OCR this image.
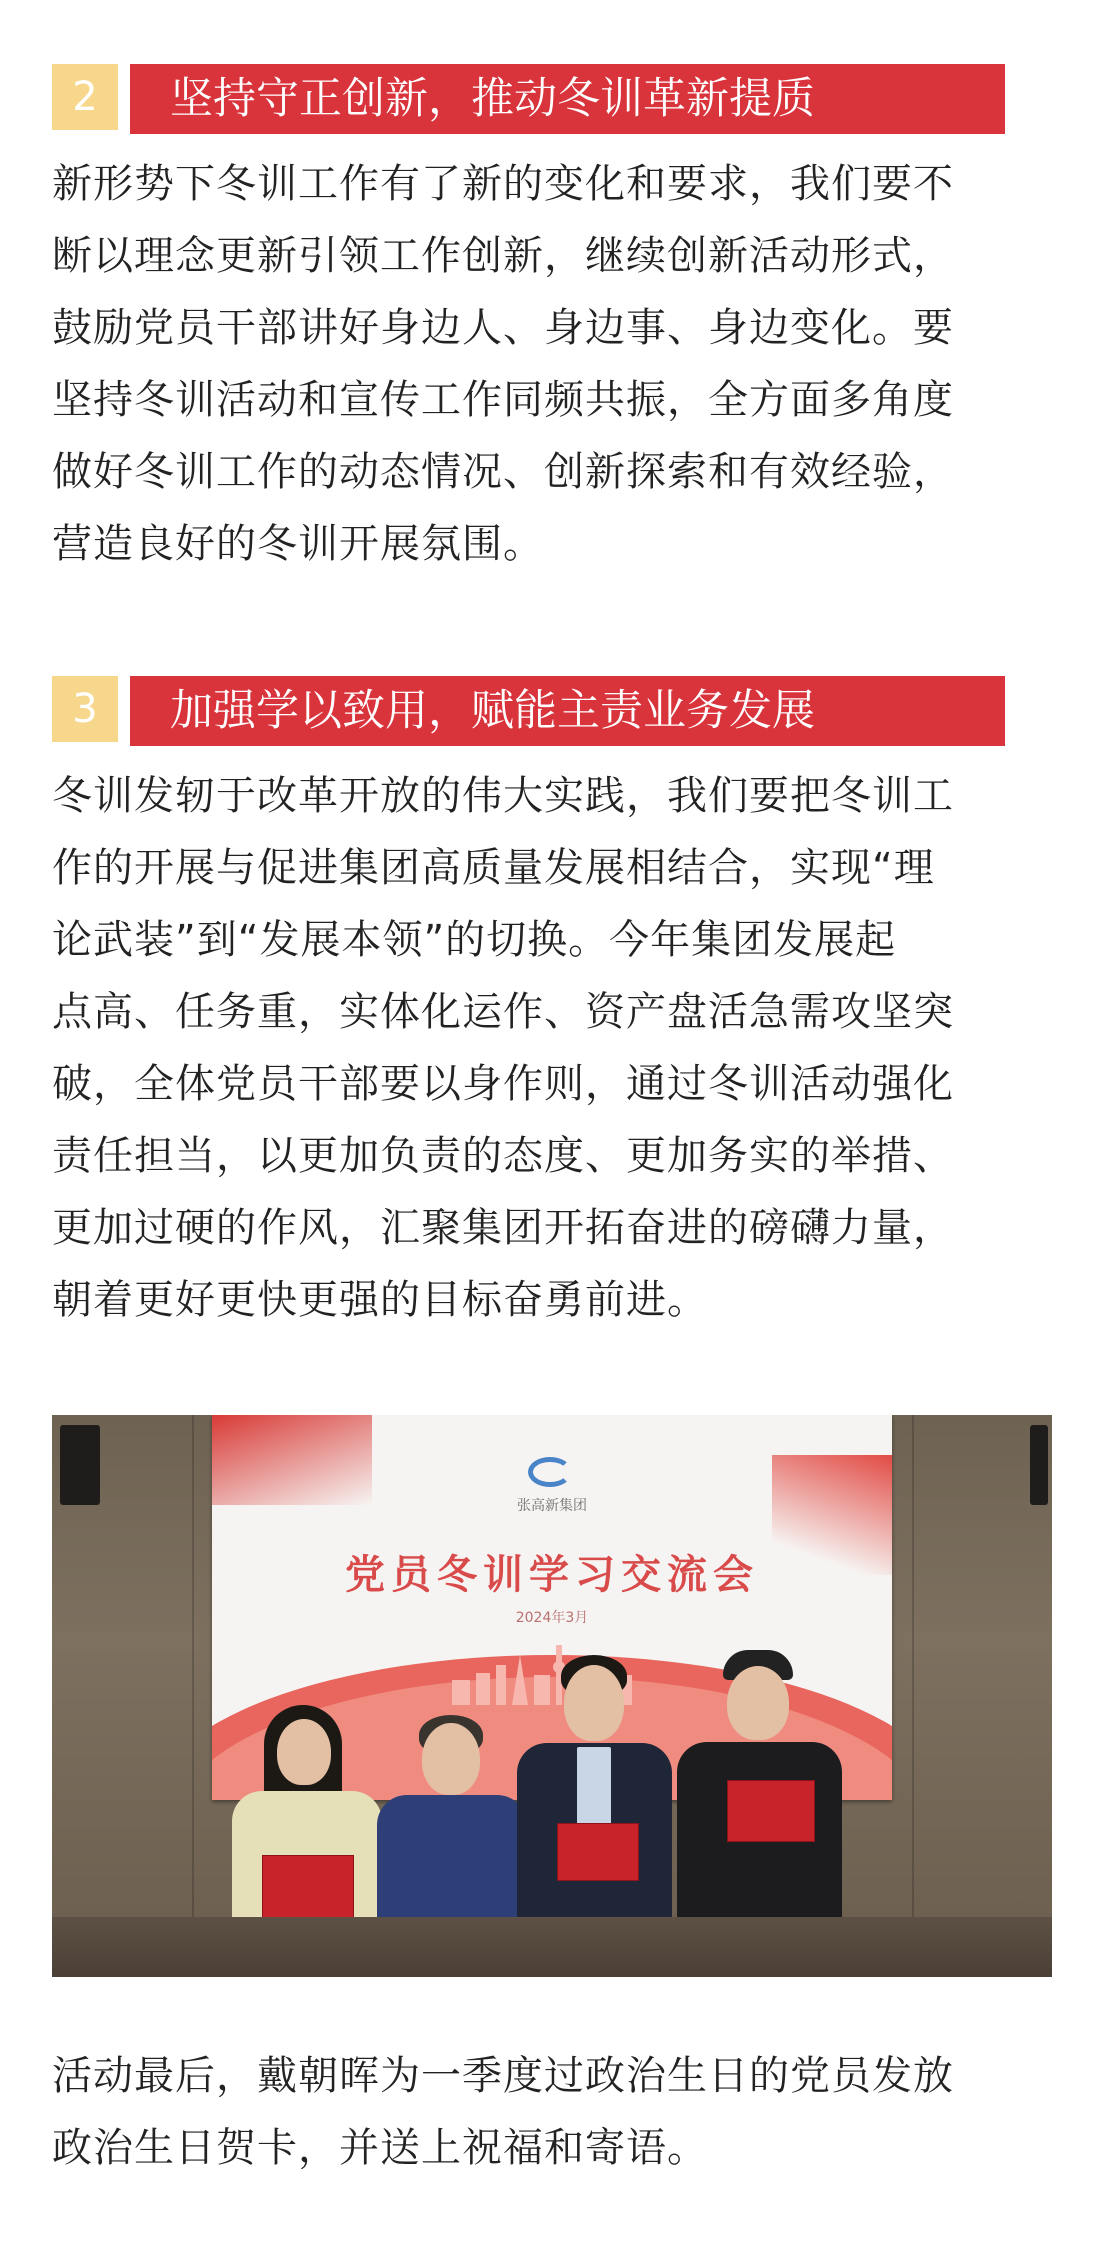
2	坚持守正创新，推动冬训革新提质

新形势下冬训工作有了新的变化和要求，我们要不
断以理念更新引领工作创新，继续创新活动形式，
鼓励党员干部讲好身边人、身边事、身边变化。要
坚持冬训活动和宣传工作同频共振，全方面多角度
做好冬训工作的动态情况、创新探索和有效经验，
营造良好的冬训开展氛围。

3	加强学以致用，赋能主责业务发展

冬训发轫于改革开放的伟大实践，我们要把冬训工
作的开展与促进集团高质量发展相结合，实现“理
论武装”到“发展本领”的切换。今年集团发展起
点高、任务重，实体化运作、资产盘活急需攻坚突
破，全体党员干部要以身作则，通过冬训活动强化
责任担当，以更加负责的态度、更加务实的举措、
更加过硬的作风，汇聚集团开拓奋进的磅礴力量，
朝着更好更快更强的目标奋勇前进。

张高新集团
党员冬训学习交流会
2024年3月

活动最后，戴朝晖为一季度过政治生日的党员发放
政治生日贺卡，并送上祝福和寄语。
